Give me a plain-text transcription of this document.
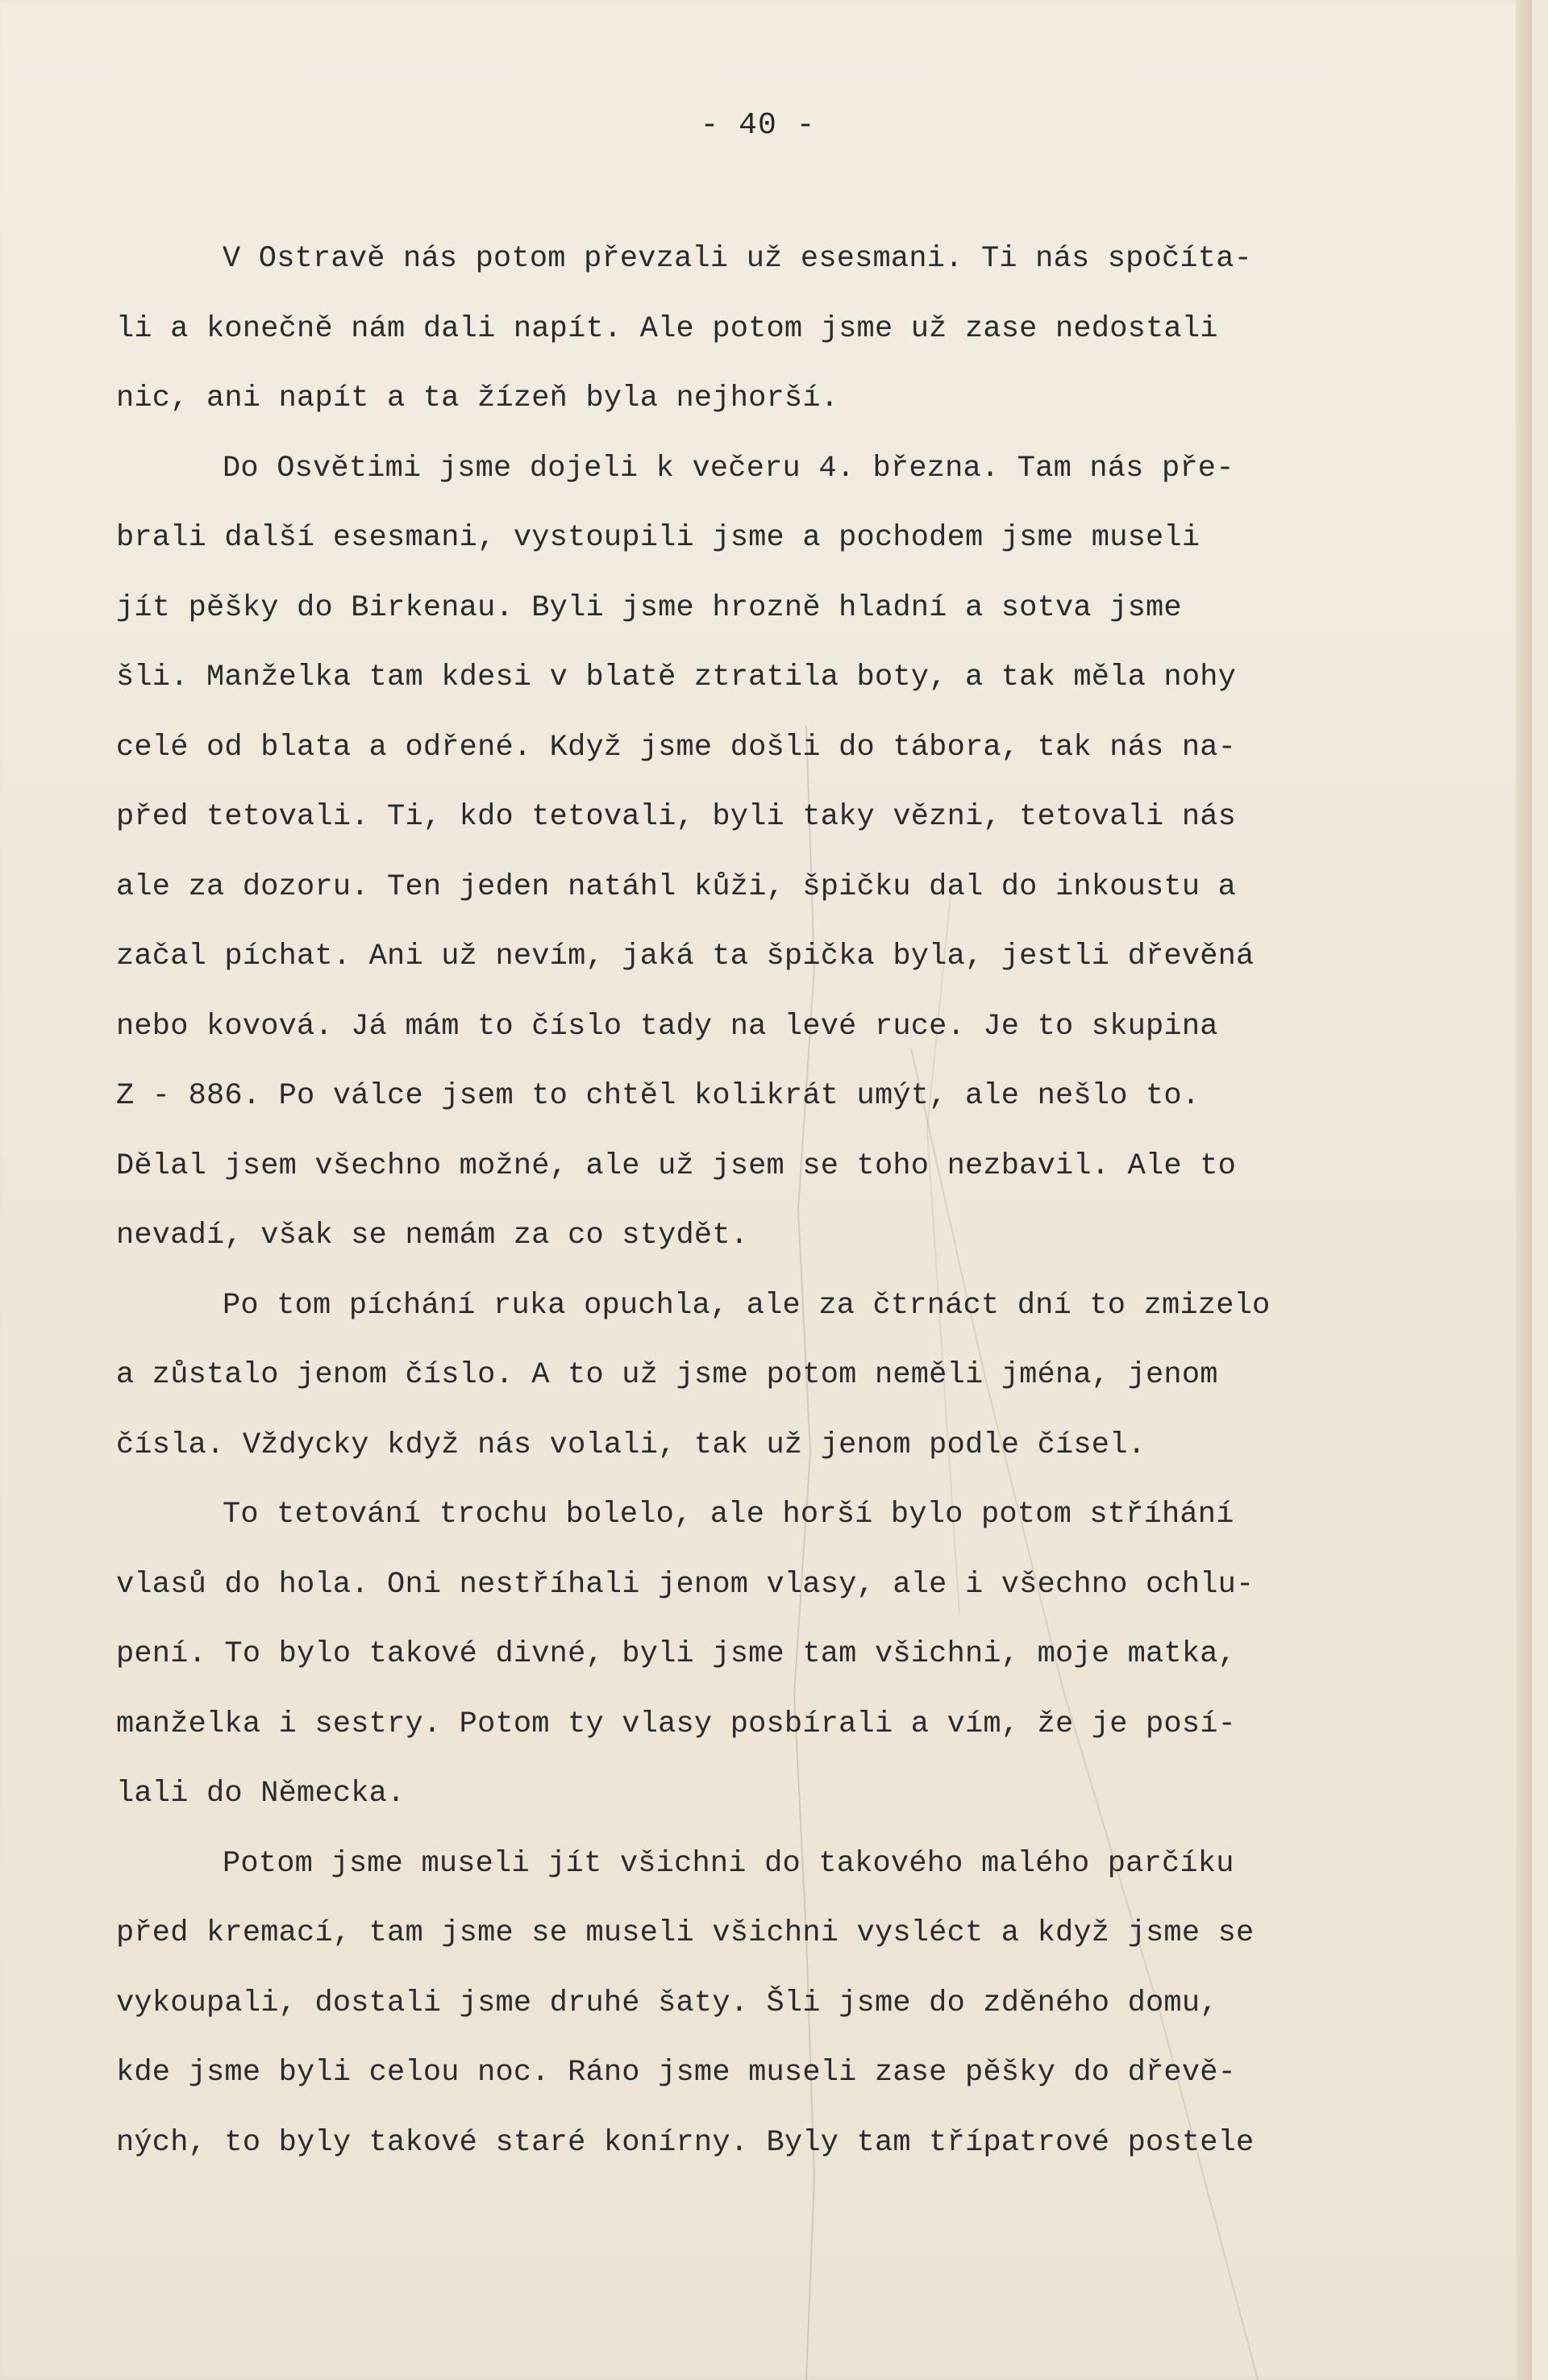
- 40 -
V Ostravě nás potom převzali už esesmani. Ti nás spočíta-
li a konečně nám dali napít. Ale potom jsme už zase nedostali
nic, ani napít a ta žízeň byla nejhorší.
Do Osvětimi jsme dojeli k večeru 4. března. Tam nás pře-
brali další esesmani, vystoupili jsme a pochodem jsme museli
jít pěšky do Birkenau. Byli jsme hrozně hladní a sotva jsme
šli. Manželka tam kdesi v blatě ztratila boty, a tak měla nohy
celé od blata a odřené. Když jsme došli do tábora, tak nás na-
před tetovali. Ti, kdo tetovali, byli taky vězni, tetovali nás
ale za dozoru. Ten jeden natáhl kůži, špičku dal do inkoustu a
začal píchat. Ani už nevím, jaká ta špička byla, jestli dřevěná
nebo kovová. Já mám to číslo tady na levé ruce. Je to skupina
Z - 886. Po válce jsem to chtěl kolikrát umýt, ale nešlo to.
Dělal jsem všechno možné, ale už jsem se toho nezbavil. Ale to
nevadí, však se nemám za co stydět.
Po tom píchání ruka opuchla, ale za čtrnáct dní to zmizelo
a zůstalo jenom číslo. A to už jsme potom neměli jména, jenom
čísla. Vždycky když nás volali, tak už jenom podle čísel.
To tetování trochu bolelo, ale horší bylo potom stříhání
vlasů do hola. Oni nestříhali jenom vlasy, ale i všechno ochlu-
pení. To bylo takové divné, byli jsme tam všichni, moje matka,
manželka i sestry. Potom ty vlasy posbírali a vím, že je posí-
lali do Německa.
Potom jsme museli jít všichni do takového malého parčíku
před kremací, tam jsme se museli všichni vysléct a když jsme se
vykoupali, dostali jsme druhé šaty. Šli jsme do zděného domu,
kde jsme byli celou noc. Ráno jsme museli zase pěšky do dřevě-
ných, to byly takové staré konírny. Byly tam třípatrové postele
